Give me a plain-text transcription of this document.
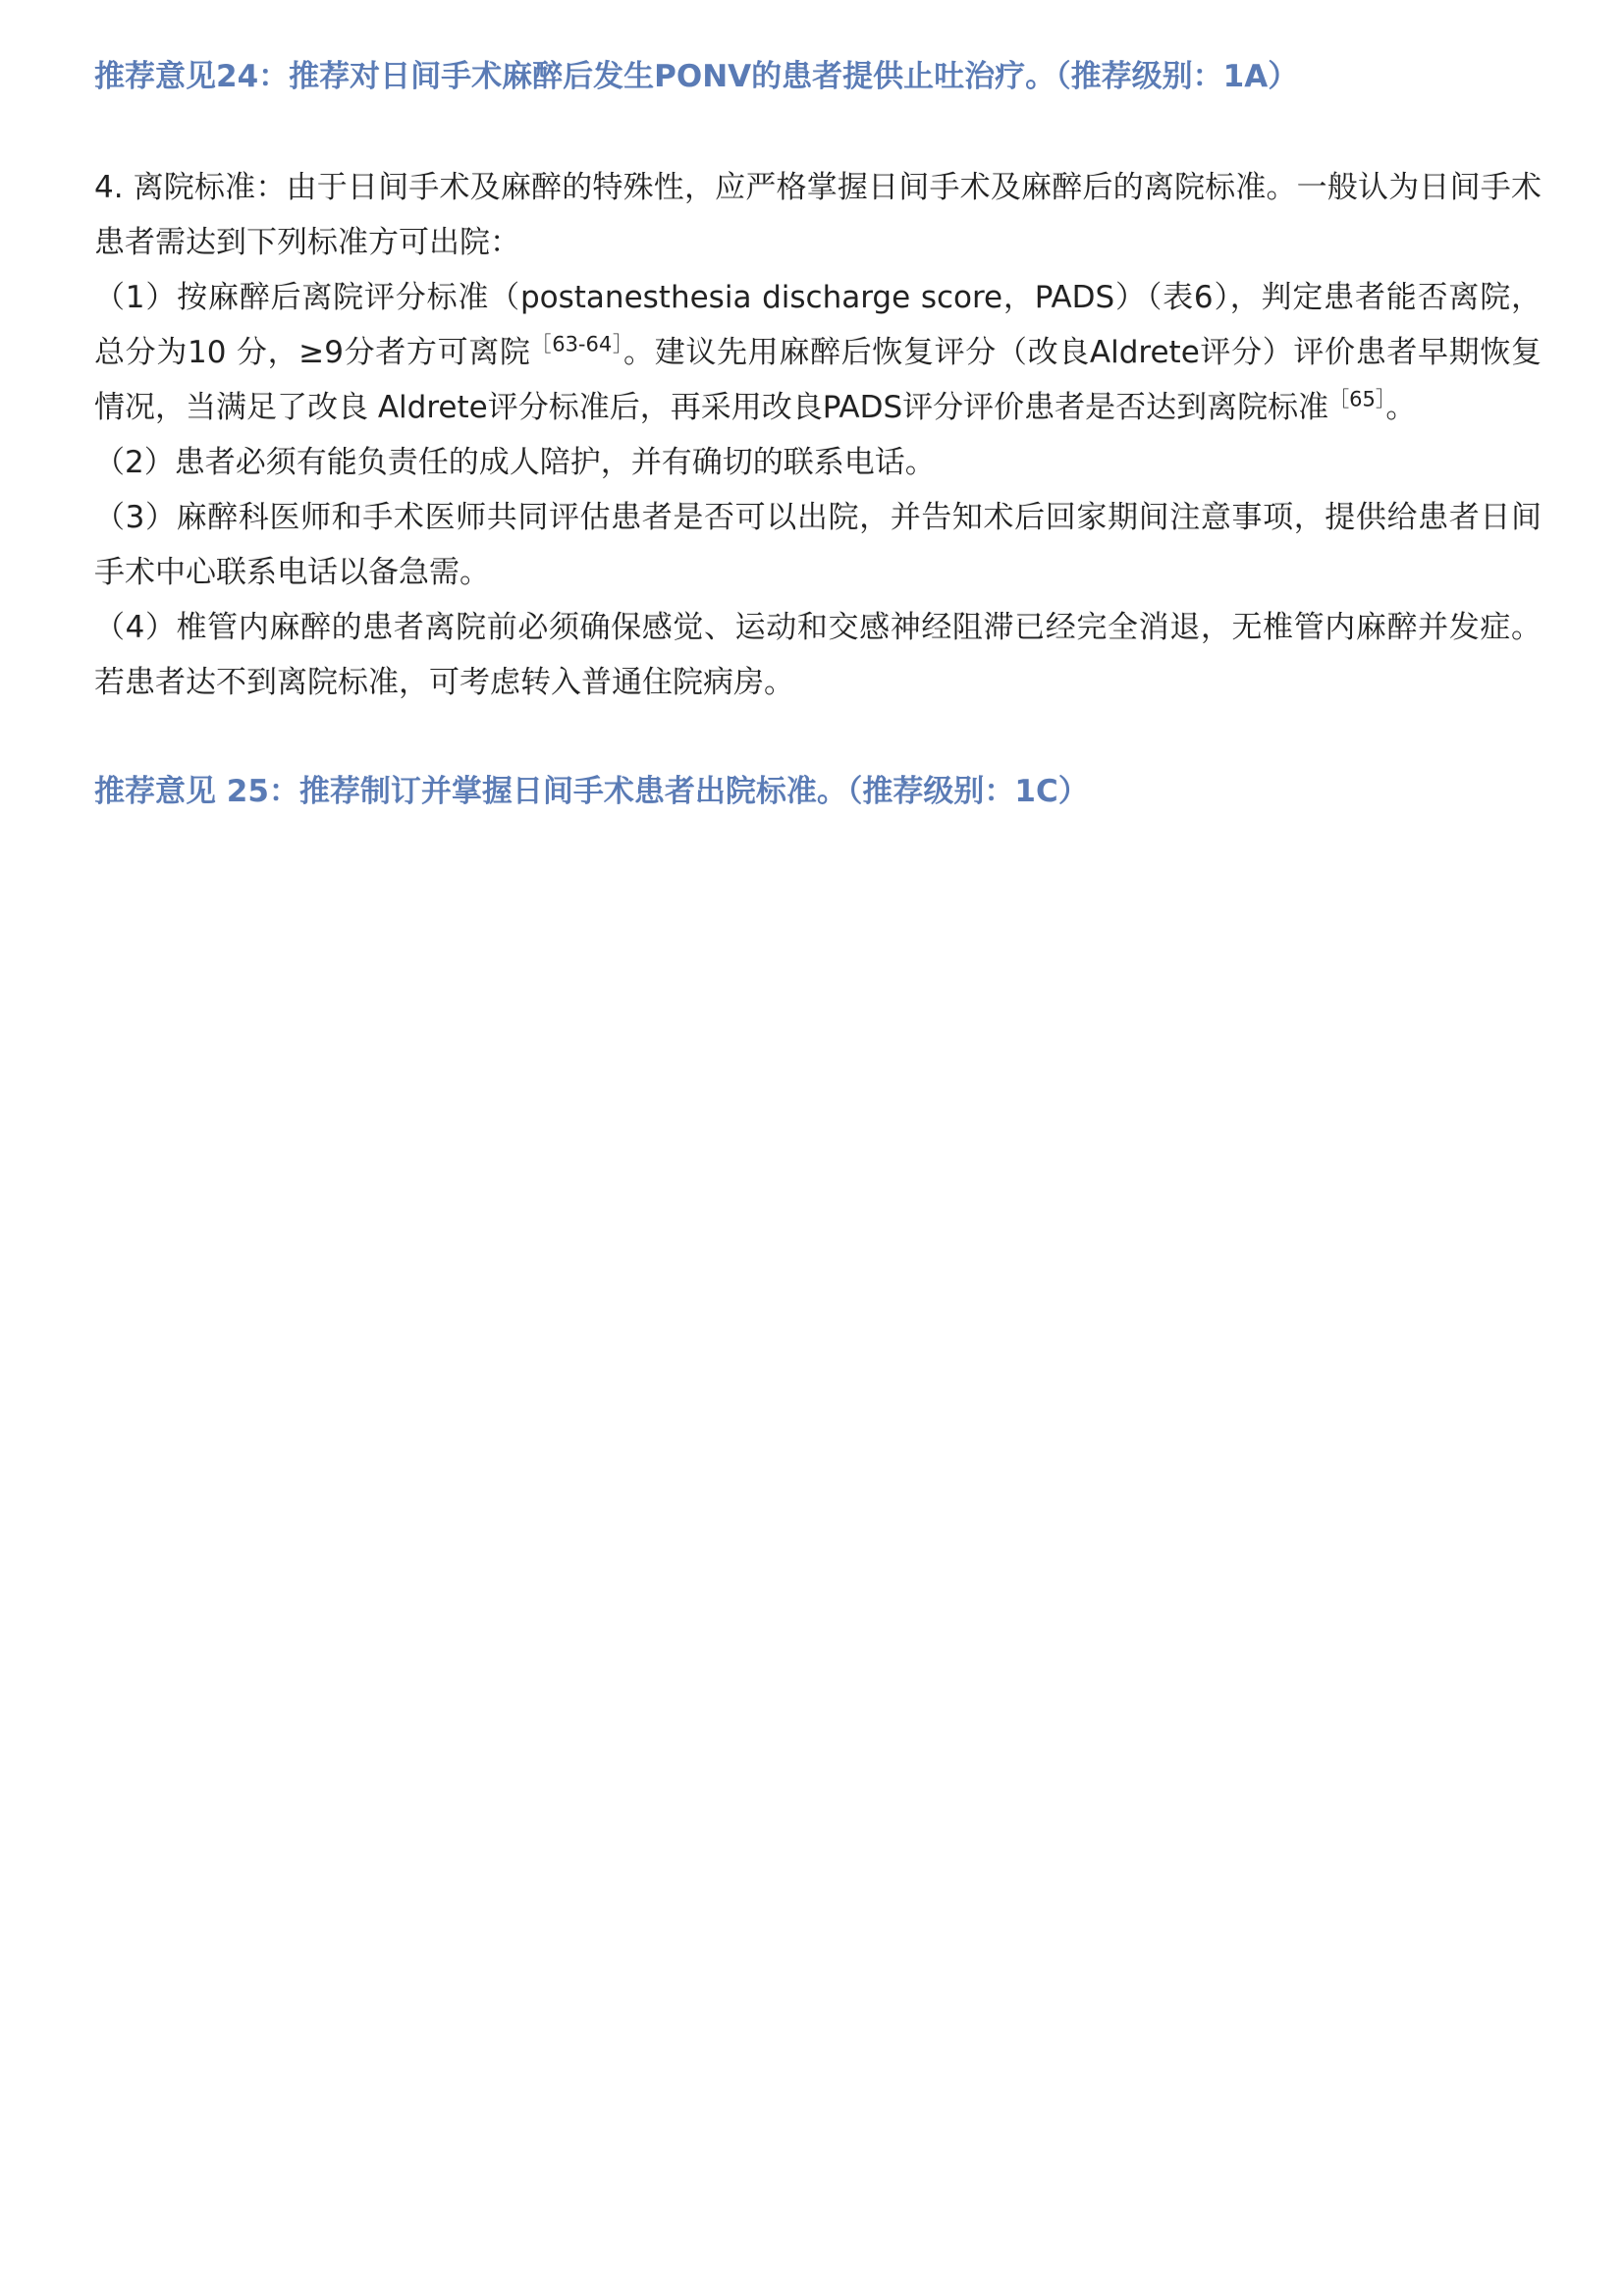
推荐意见24：推荐对日间手术麻醉后发生PONV的患者提供止吐治疗。（推荐级别：1A）

4. 离院标准：由于日间手术及麻醉的特殊性，应严格掌握日间手术及麻醉后的离院标准。一般认为日间手术患者需达到下列标准方可出院：

（1）按麻醉后离院评分标准（postanesthesia discharge score，PADS）（表6），判定患者能否离院，总分为10 分，≥9分者方可离院$^{[63-64]}$。建议先用麻醉后恢复评分（改良Aldrete评分）评价患者早期恢复情况，当满足了改良 Aldrete评分标准后，再采用改良PADS评分评价患者是否达到离院标准$^{[65]}$。

（2）患者必须有能负责任的成人陪护，并有确切的联系电话。

（3）麻醉科医师和手术医师共同评估患者是否可以出院，并告知术后回家期间注意事项，提供给患者日间手术中心联系电话以备急需。

（4）椎管内麻醉的患者离院前必须确保感觉、运动和交感神经阻滞已经完全消退，无椎管内麻醉并发症。若患者达不到离院标准，可考虑转入普通住院病房。

推荐意见 25：推荐制订并掌握日间手术患者出院标准。（推荐级别：1C）
